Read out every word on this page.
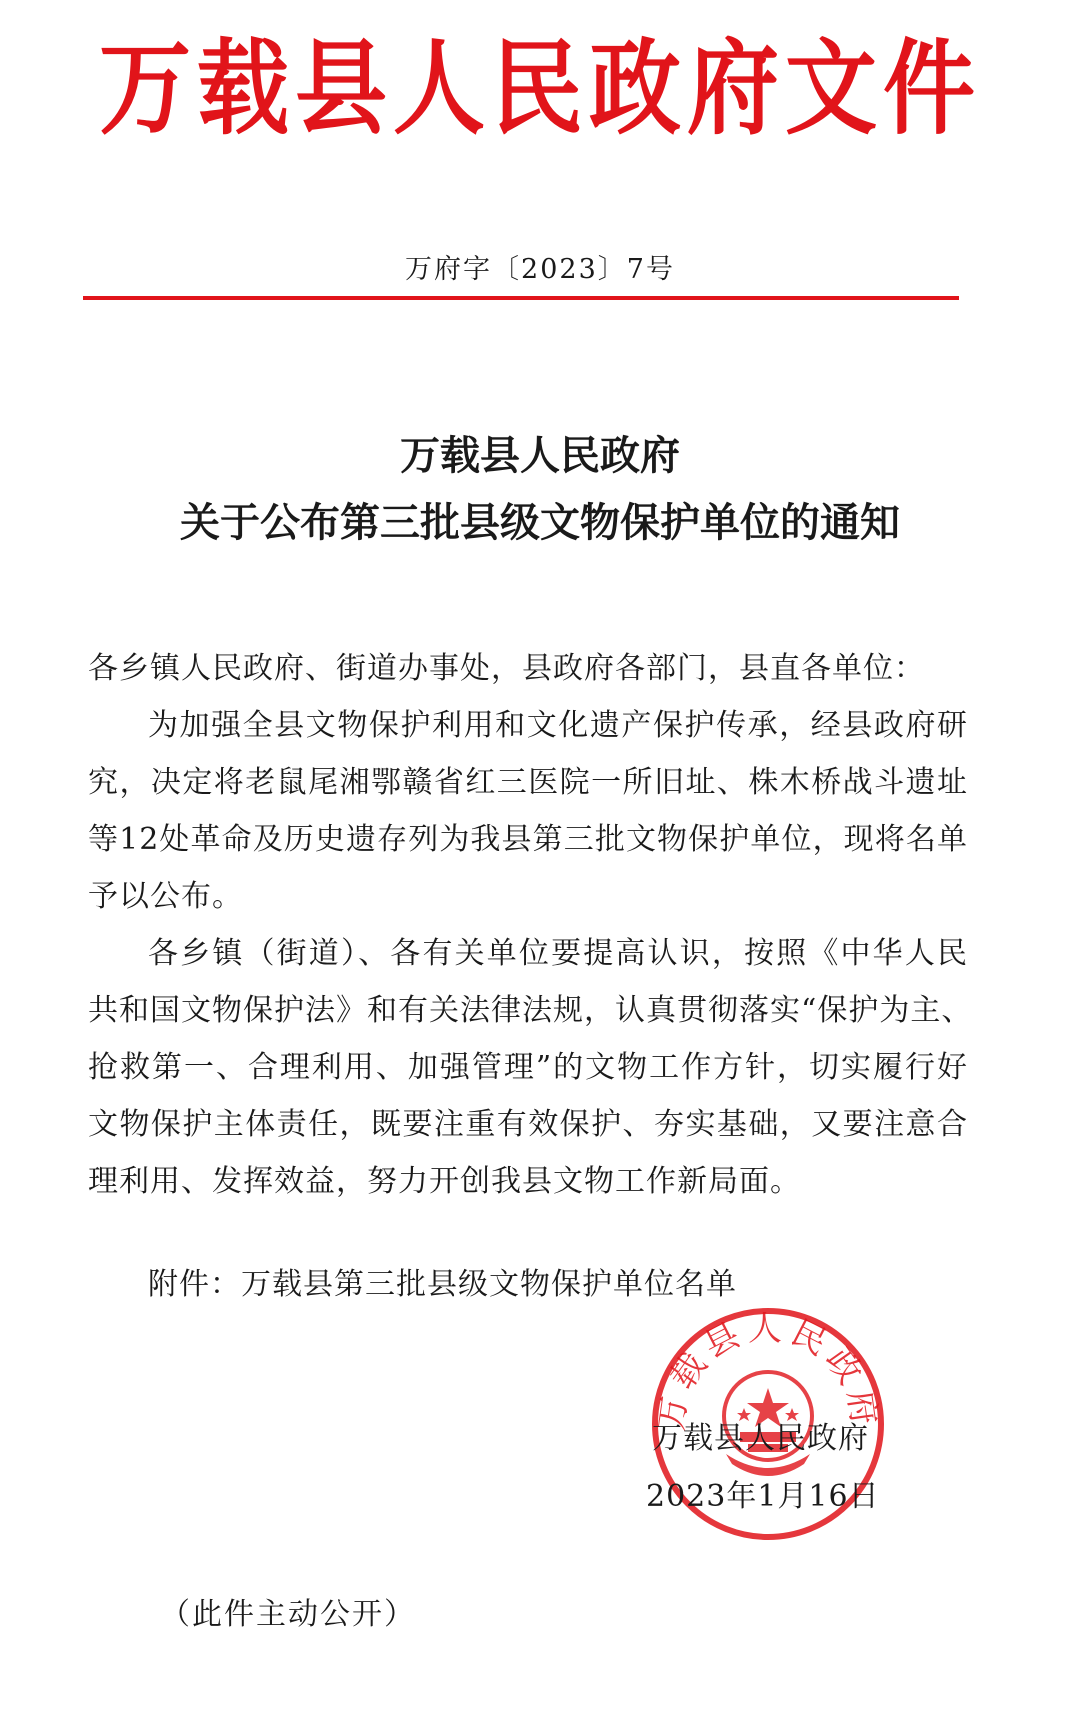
万载县人民政府文件
万府字〔2023〕7号
万载县人民政府
关于公布第三批县级文物保护单位的通知
各乡镇人民政府、街道办事处，县政府各部门，县直各单位：
为加强全县文物保护利用和文化遗产保护传承，经县政府研
究，决定将老鼠尾湘鄂赣省红三医院一所旧址、株木桥战斗遗址
等12处革命及历史遗存列为我县第三批文物保护单位，现将名单
予以公布。
各乡镇（街道）、各有关单位要提高认识，按照《中华人民
共和国文物保护法》和有关法律法规，认真贯彻落实“保护为主、
抢救第一、合理利用、加强管理”的文物工作方针，切实履行好
文物保护主体责任，既要注重有效保护、夯实基础，又要注意合
理利用、发挥效益，努力开创我县文物工作新局面。
附件：万载县第三批县级文物保护单位名单
万载县人民政府
万载县人民政府
2023年1月16日
（此件主动公开）
